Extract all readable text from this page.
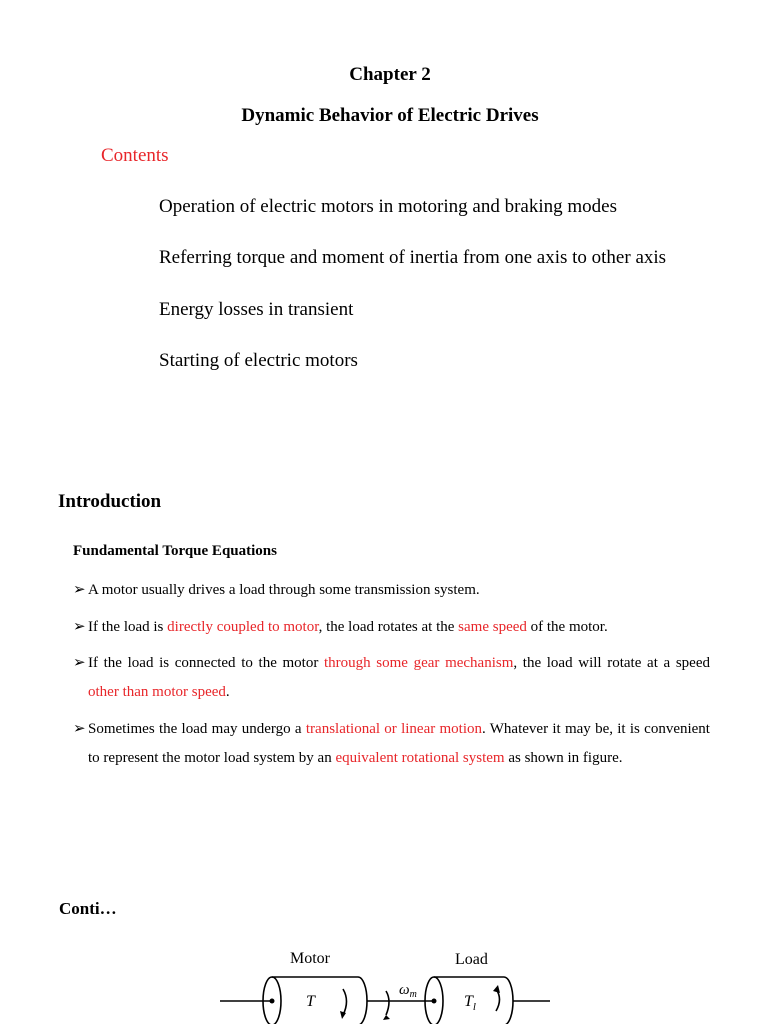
Chapter 2
Dynamic Behavior of Electric Drives
Contents
Operation of electric motors in motoring and braking modes
Referring torque and moment of inertia from one axis to other axis
Energy losses in transient
Starting of electric motors
Introduction
Fundamental Torque Equations
➢ A motor usually drives a load through some transmission system.
➢ If the load is directly coupled to motor, the load rotates at the same speed of the motor.
➢ If the load is connected to the motor through some gear mechanism, the load will rotate at a speed other than motor speed.
➢ Sometimes the load may undergo a translational or linear motion. Whatever it may be, it is convenient to represent the motor load system by an equivalent rotational system as shown in figure.
Conti…
Motor	Load
T	$T_l$
$\omega_m$
